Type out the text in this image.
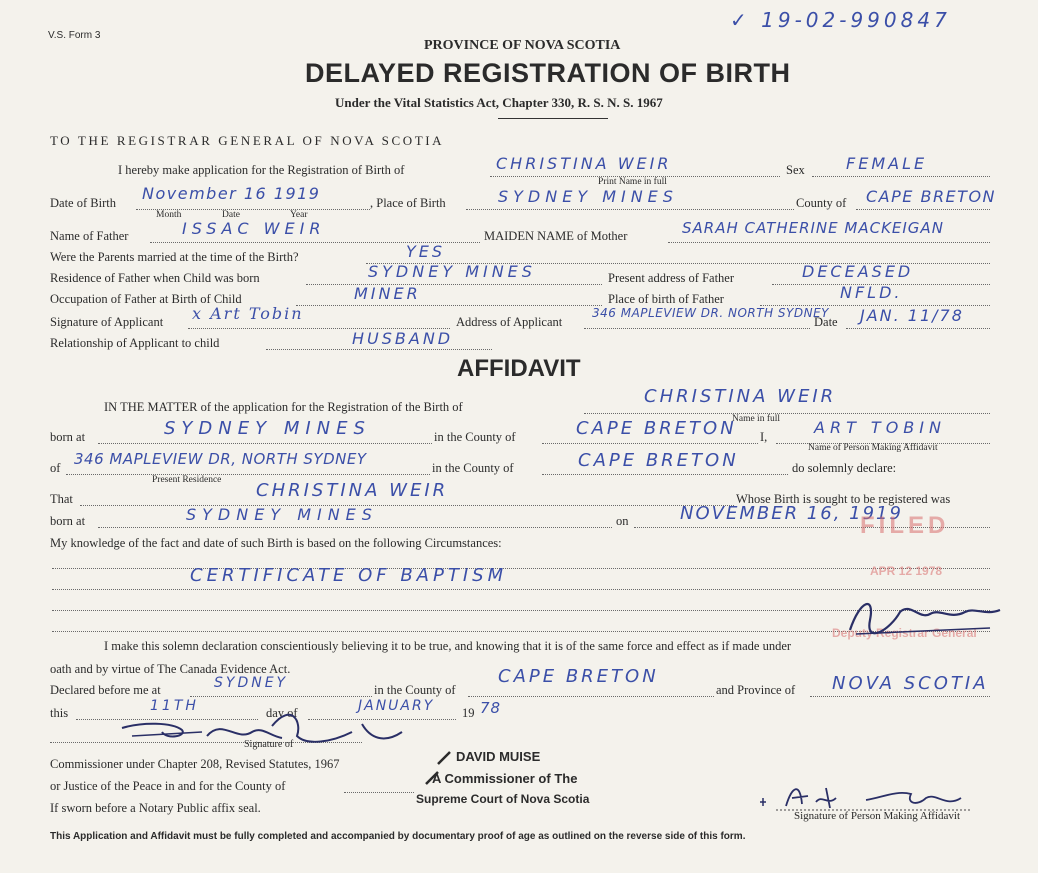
V.S. Form 3
✓ 19-02-990847
PROVINCE OF NOVA SCOTIA
DELAYED REGISTRATION OF BIRTH
Under the Vital Statistics Act, Chapter 330, R. S. N. S. 1967
TO THE REGISTRAR GENERAL OF NOVA SCOTIA
I hereby make application for the Registration of Birth of	CHRISTINA WEIR
Print Name in full
Sex	FEMALE
Date of Birth November 16 1919
Month	Date	Year
, Place of Birth	SYDNEY MINES	County of CAPE BRETON
Name of Father	ISSAC WEIR	MAIDEN NAME of Mother	SARAH CATHERINE MACKEIGAN
Were the Parents married at the time of the Birth?	YES
Residence of Father when Child was born	SYDNEY MINES	Present address of Father	DECEASED
Occupation of Father at Birth of Child	MINER	Place of birth of Father	NFLD.
Signature of Applicant x Art Tobin	Address of Applicant
346 MAPLEVIEW DR. NORTH SYDNEY
Date JAN. 11/78
Relationship of Applicant to child	HUSBAND
AFFIDAVIT
IN THE MATTER of the application for the Registration of the Birth of	CHRISTINA WEIR
Name in full
born at	SYDNEY MINES	in the County of	CAPE BRETON I,	ART TOBIN
Name of Person Making Affidavit
of 346 MAPLEVIEW DR, NORTH SYDNEY
Present Residence
in the County of	CAPE BRETON	do solemnly declare:
That	CHRISTINA WEIR	Whose Birth is sought to be registered was
born at	SYDNEY MINES	on	NOVEMBER 16, 1919
My knowledge of the fact and date of such Birth is based on the following Circumstances:
CERTIFICATE OF BAPTISM
FILED
APR 12 1978
Deputy Registrar General
I make this solemn declaration conscientiously believing it to be true, and knowing that it is of the same force and effect as if made under
oath and by virtue of The Canada Evidence Act.
Declared before me at	SYDNEY	in the County of
CAPE BRETON
and Province of NOVA SCOTIA
this	11TH	day of	JANUARY 19 78
Signature of
Commissioner under Chapter 208, Revised Statutes, 1967
or Justice of the Peace in and for the County of
If sworn before a Notary Public affix seal.
DAVID MUISE
A Commissioner of The
Supreme Court of Nova Scotia
Signature of Person Making Affidavit
This Application and Affidavit must be fully completed and accompanied by documentary proof of age as outlined on the reverse side of this form.
